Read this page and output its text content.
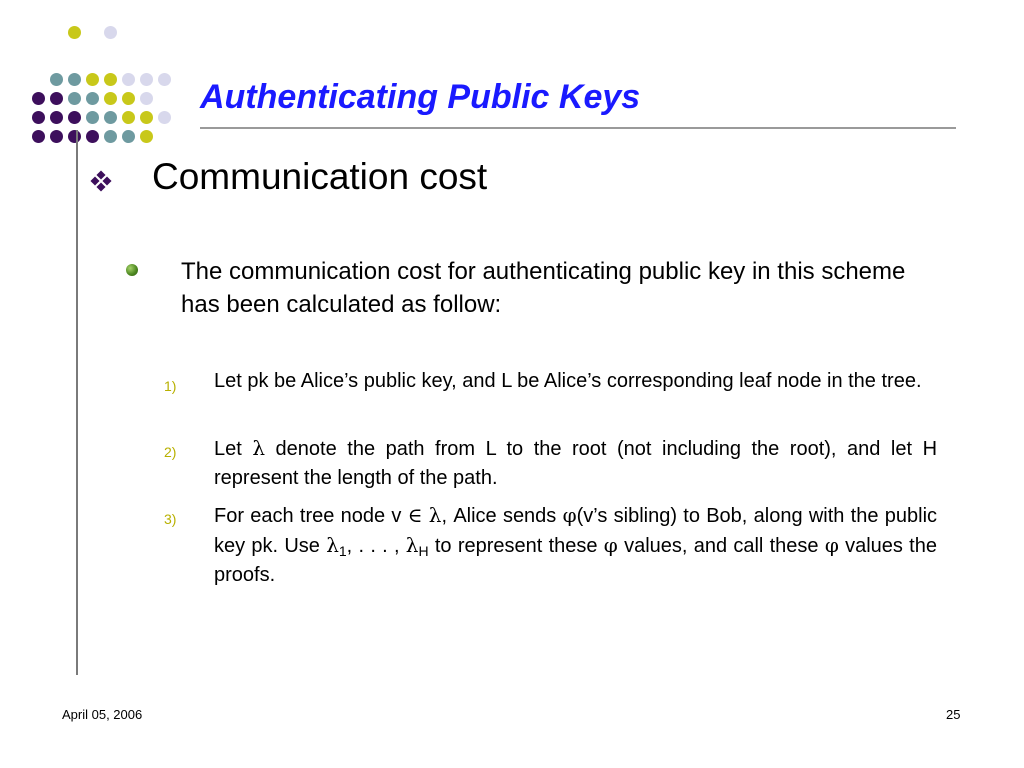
Authenticating Public Keys
Communication cost
The communication cost for authenticating public key in this scheme has been calculated as follow:
1) Let pk be Alice’s public key, and L be Alice’s corresponding leaf node in the tree.
2) Let λ denote the path from L to the root (not including the root), and let H represent the length of the path.
3) For each tree node v ∈ λ, Alice sends φ(v’s sibling) to Bob, along with the public key pk. Use $\lambda_1$, . . . , $\lambda_H$ to represent these φ values, and call these φ values the proofs.
April 05, 2006	25
